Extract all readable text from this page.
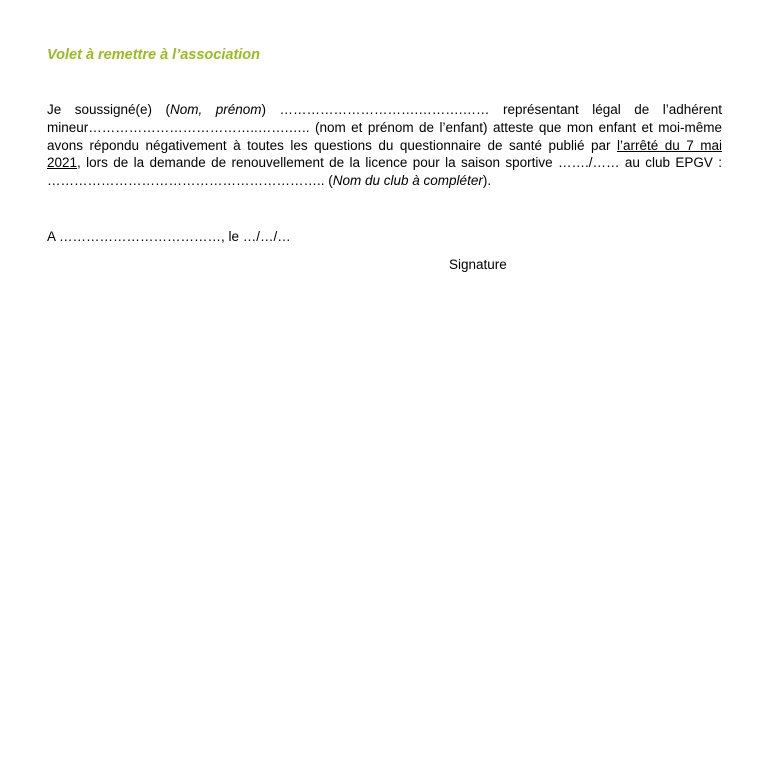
Volet à remettre à l’association
Je soussigné(e) (Nom, prénom) ………………………….……….…… représentant légal de l’adhérent
mineur………………………………..…….….. (nom et prénom de l’enfant) atteste que mon enfant et moi-même
avons répondu négativement à toutes les questions du questionnaire de santé publié par l’arrêté du 7 mai
2021, lors de la demande de renouvellement de la licence pour la saison sportive ……./…… au club EPGV :
…………………………………………………….. (Nom du club à compléter).
A ………………………………, le …/…/…
Signature
